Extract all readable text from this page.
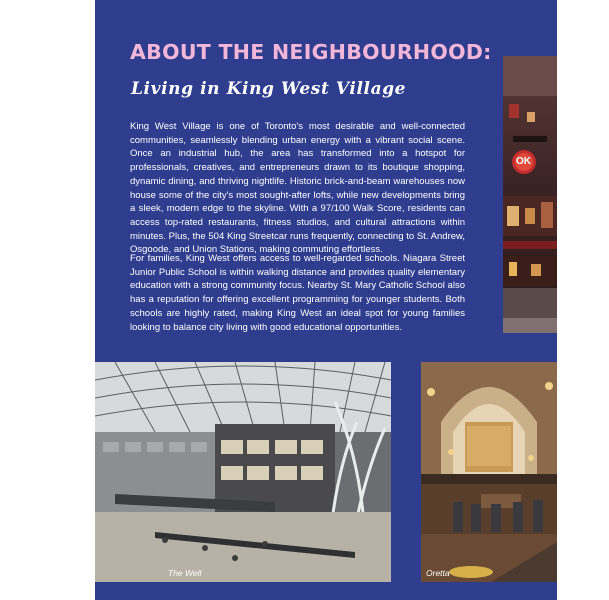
ABOUT THE NEIGHBOURHOOD:
Living in King West Village

King West Village is one of Toronto's most desirable and well-connected communities, seamlessly blending urban energy with a vibrant social scene. Once an industrial hub, the area has transformed into a hotspot for professionals, creatives, and entrepreneurs drawn to its boutique shopping, dynamic dining, and thriving nightlife. Historic brick-and-beam warehouses now house some of the city's most sought-after lofts, while new developments bring a sleek, modern edge to the skyline. With a 97/100 Walk Score, residents can access top-rated restaurants, fitness studios, and cultural attractions within minutes. Plus, the 504 King Streetcar runs frequently, connecting to St. Andrew, Osgoode, and Union Stations, making commuting effortless.

For families, King West offers access to well-regarded schools. Niagara Street Junior Public School is within walking distance and provides quality elementary education with a strong community focus. Nearby St. Mary Catholic School also has a reputation for offering excellent programming for younger students. Both schools are highly rated, making King West an ideal spot for young families looking to balance city living with good educational opportunities.

OK
The Well	Oretta
